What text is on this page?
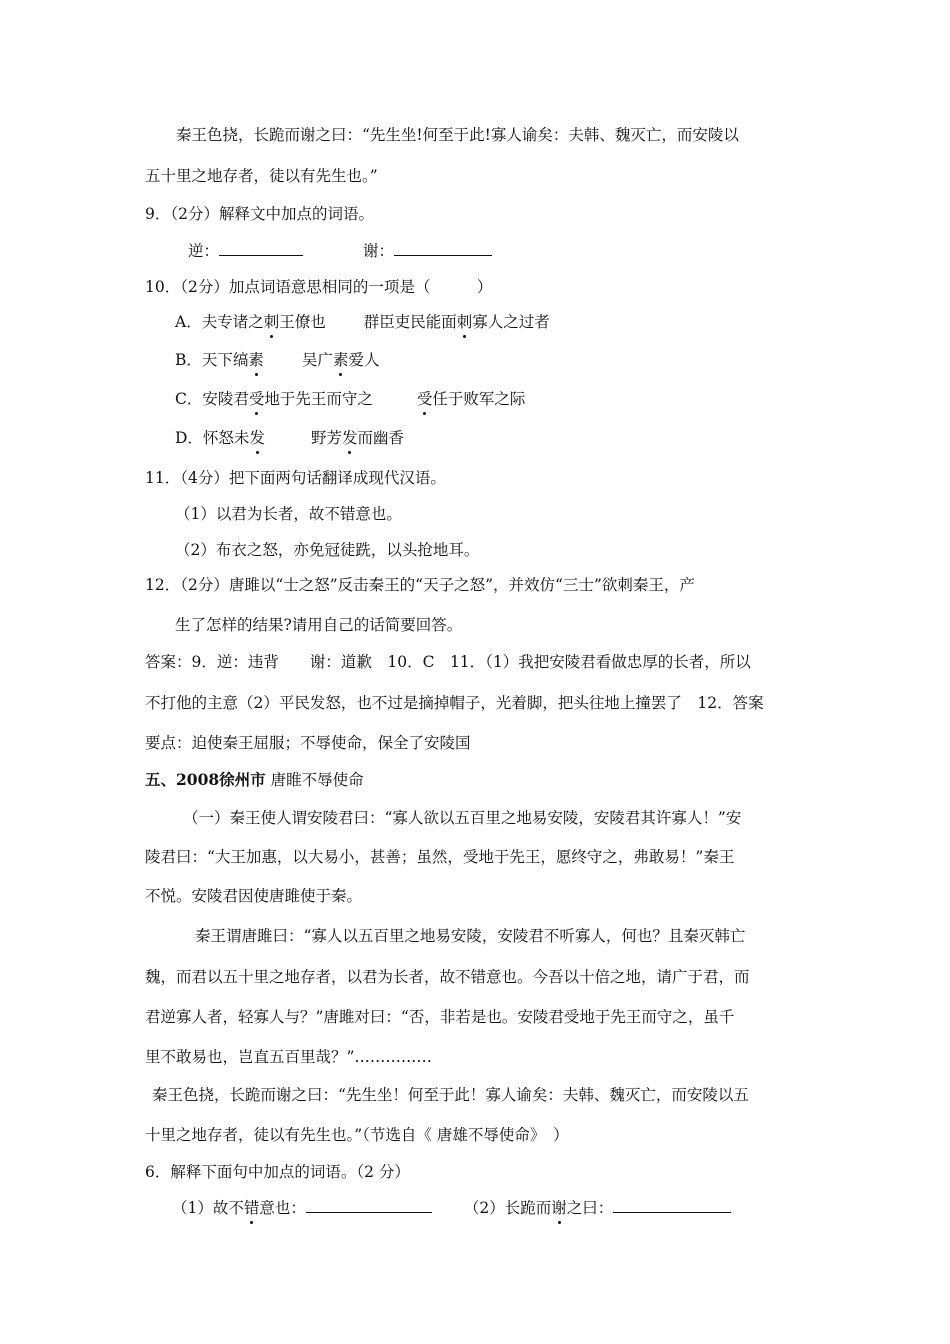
秦王色挠，长跪而谢之曰：“先生坐!何至于此!寡人谕矣：夫韩、魏灭亡，而安陵以
五十里之地存者，徒以有先生也。”
9．（2分）解释文中加点的词语。
逆：	谢：
10．（2分）加点词语意思相同的一项是（　　　）
A．夫专诸之刺王僚也 群臣吏民能面刺寡人之过者
B．天下缟素 吴广素爱人
C．安陵君受地于先王而守之	受任于败军之际
D．怀怒未发	野芳发而幽香
11．（4分）把下面两句话翻译成现代汉语。
（1）以君为长者，故不错意也。
（2）布衣之怒，亦免冠徒跣，以头抢地耳。
12．（2分）唐雎以“士之怒”反击秦王的“天子之怒”，并效仿“三士”欲刺秦王，产
生了怎样的结果?请用自己的话简要回答。
答案：9．逆：违背　　谢：道歉　10．C　11．（1）我把安陵君看做忠厚的长者，所以
不打他的主意（2）平民发怒，也不过是摘掉帽子，光着脚，把头往地上撞罢了　12．答案
要点：迫使秦王屈服；不辱使命，保全了安陵国
五、2008徐州市 唐睢不辱使命
（一）秦王使人谓安陵君曰：“寡人欲以五百里之地易安陵，安陵君其许寡人！”安
陵君曰：“大王加惠，以大易小，甚善；虽然，受地于先王，愿终守之，弗敢易！”秦王
不悦。安陵君因使唐雎使于秦。
秦王谓唐雎曰：“寡人以五百里之地易安陵，安陵君不听寡人，何也？且秦灭韩亡
魏，而君以五十里之地存者，以君为长者，故不错意也。今吾以十倍之地，请广于君，而
君逆寡人者，轻寡人与？”唐雎对曰：“否，非若是也。安陵君受地于先王而守之，虽千
里不敢易也，岂直五百里哉？”……………
秦王色挠，长跪而谢之曰：“先生坐！何至于此！寡人谕矣：夫韩、魏灭亡，而安陵以五
十里之地存者，徒以有先生也。”（节选自《 唐雄不辱使命》　）
6．解释下面句中加点的词语。（2 分）
（1）故不错意也：	（2）长跪而谢之曰：
